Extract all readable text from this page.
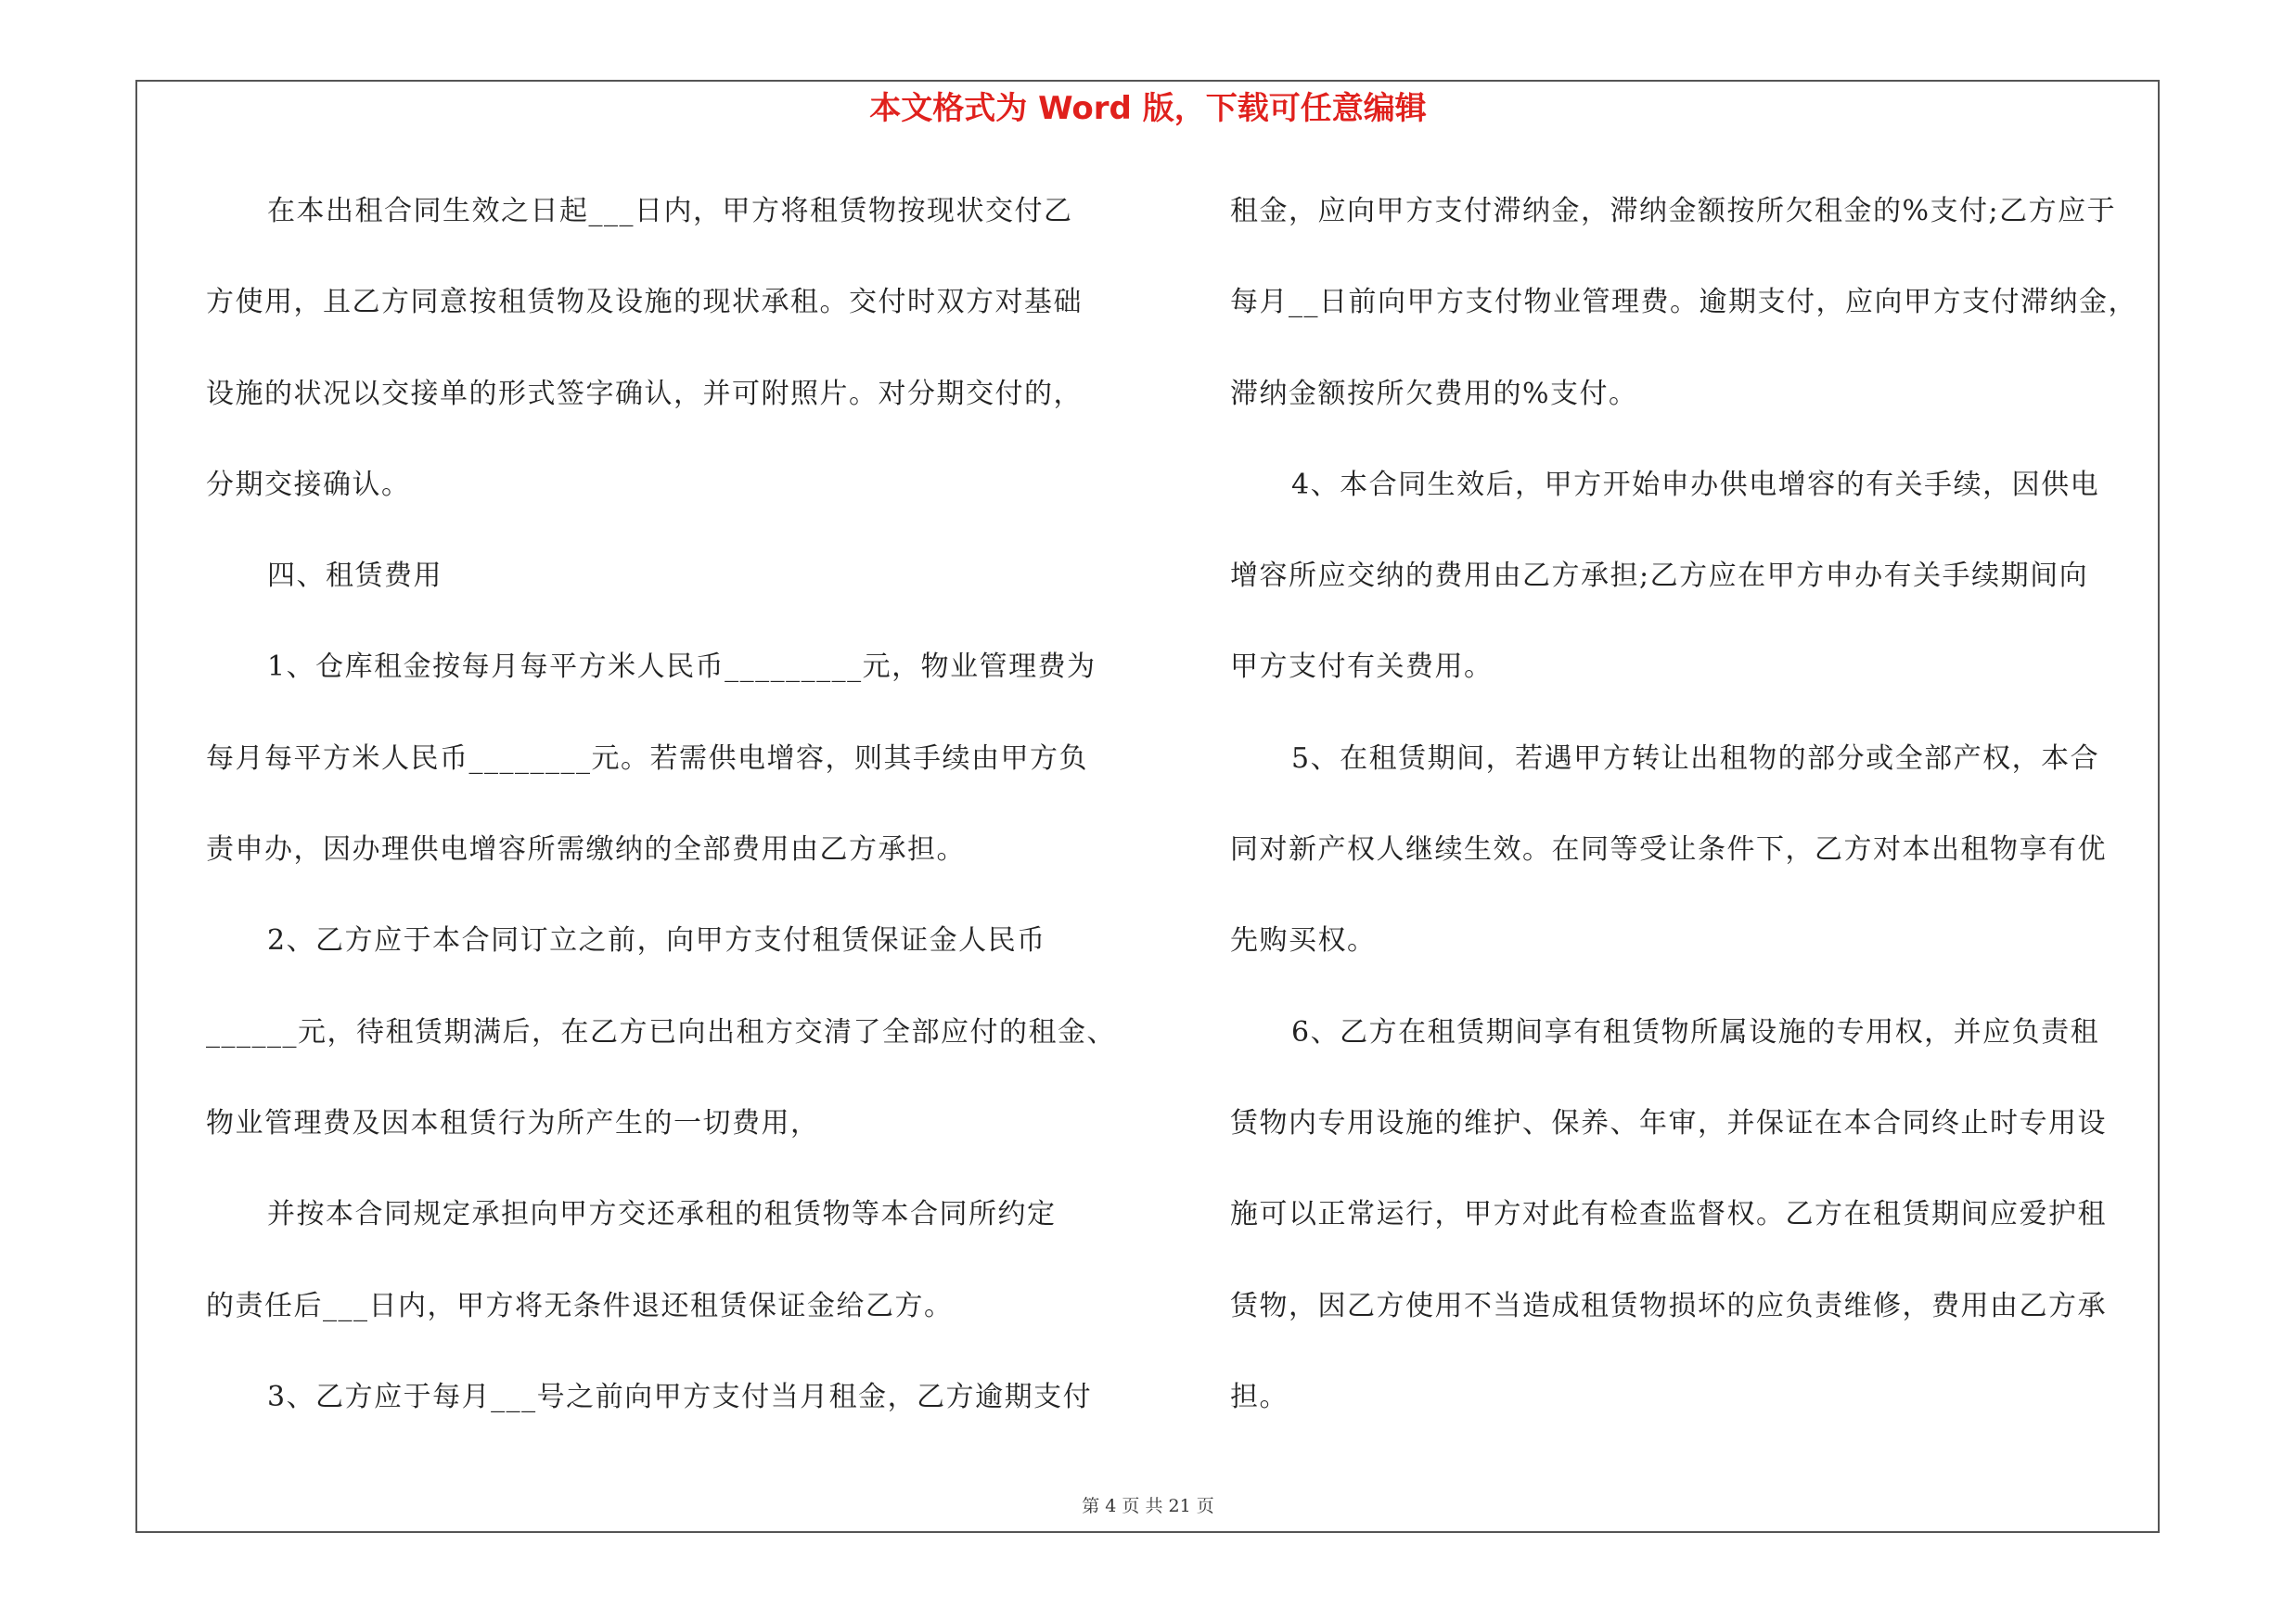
本文格式为 Word 版，下载可任意编辑
在本出租合同生效之日起___日内，甲方将租赁物按现状交付乙
方使用，且乙方同意按租赁物及设施的现状承租。交付时双方对基础
设施的状况以交接单的形式签字确认，并可附照片。对分期交付的，
分期交接确认。
四、租赁费用
1、仓库租金按每月每平方米人民币_________元，物业管理费为
每月每平方米人民币________元。若需供电增容，则其手续由甲方负
责申办，因办理供电增容所需缴纳的全部费用由乙方承担。
2、乙方应于本合同订立之前，向甲方支付租赁保证金人民币
______元，待租赁期满后，在乙方已向出租方交清了全部应付的租金、
物业管理费及因本租赁行为所产生的一切费用，
并按本合同规定承担向甲方交还承租的租赁物等本合同所约定
的责任后___日内，甲方将无条件退还租赁保证金给乙方。
3、乙方应于每月___号之前向甲方支付当月租金，乙方逾期支付
租金，应向甲方支付滞纳金，滞纳金额按所欠租金的%支付;乙方应于
每月__日前向甲方支付物业管理费。逾期支付，应向甲方支付滞纳金，
滞纳金额按所欠费用的%支付。
4、本合同生效后，甲方开始申办供电增容的有关手续，因供电
增容所应交纳的费用由乙方承担;乙方应在甲方申办有关手续期间向
甲方支付有关费用。
5、在租赁期间，若遇甲方转让出租物的部分或全部产权，本合
同对新产权人继续生效。在同等受让条件下，乙方对本出租物享有优
先购买权。
6、乙方在租赁期间享有租赁物所属设施的专用权，并应负责租
赁物内专用设施的维护、保养、年审，并保证在本合同终止时专用设
施可以正常运行，甲方对此有检查监督权。乙方在租赁期间应爱护租
赁物，因乙方使用不当造成租赁物损坏的应负责维修，费用由乙方承
担。
第 4 页 共 21 页
